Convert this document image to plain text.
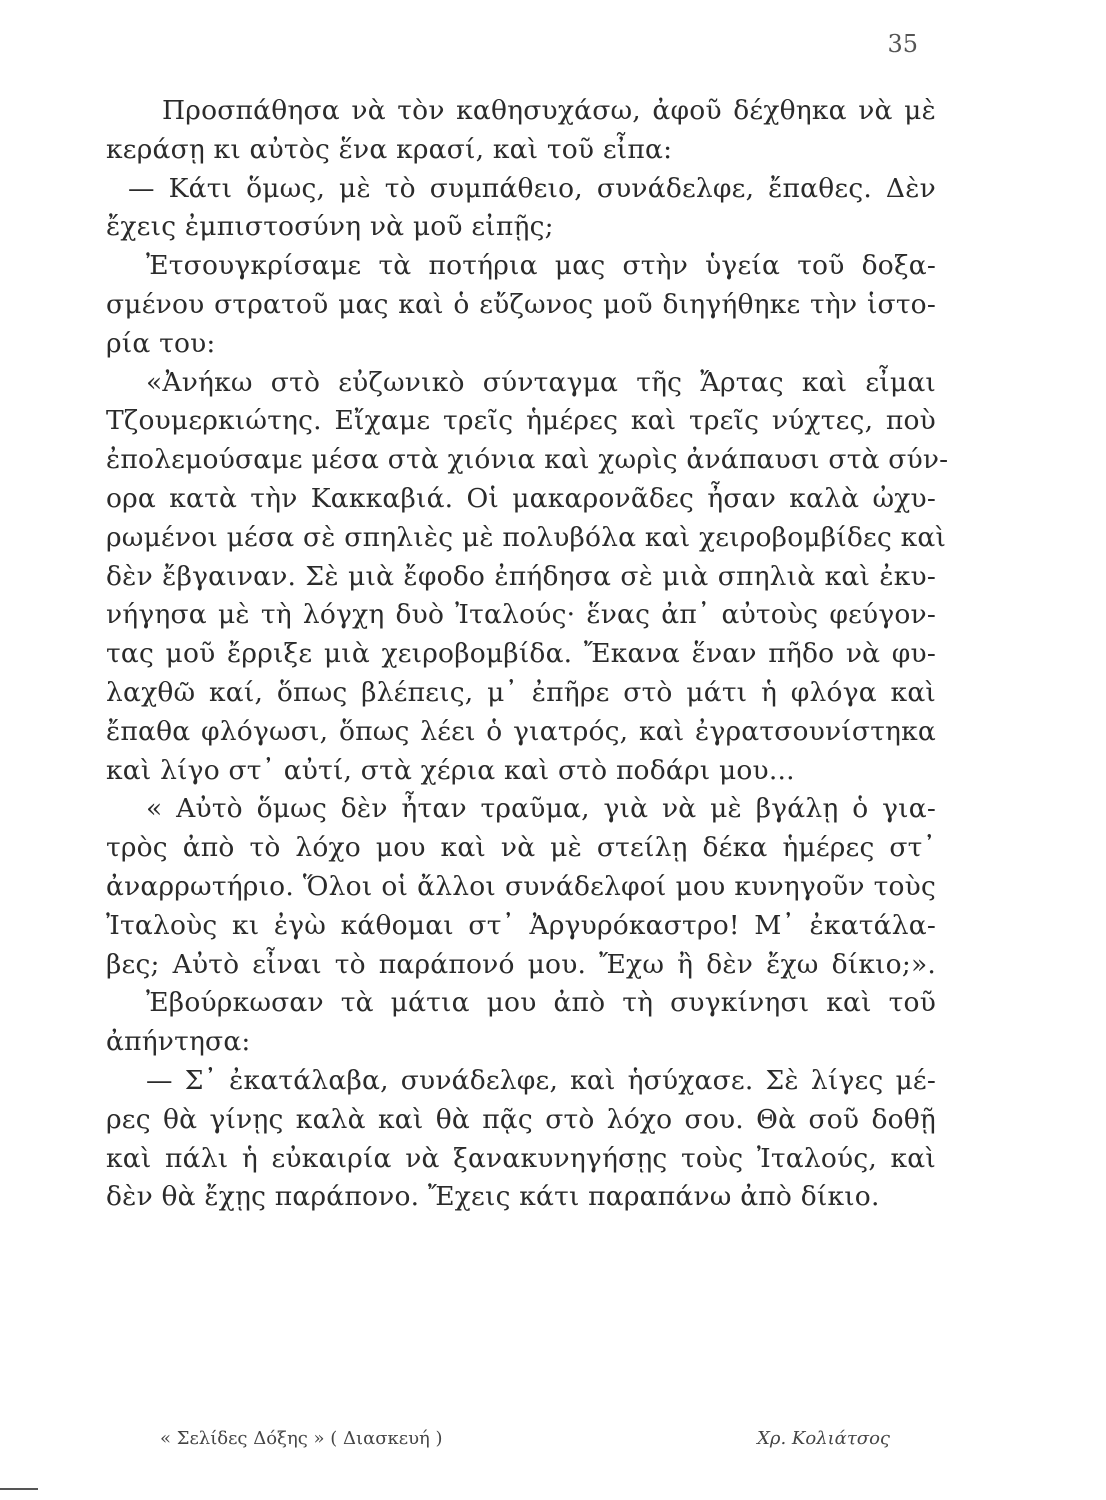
35
Προσπάθησα νὰ τὸν καθησυχάσω, ἀφοῦ δέχθηκα νὰ μὲ
κεράσῃ κι αὐτὸς ἕνα κρασί, καὶ τοῦ εἶπα:
— Κάτι ὅμως, μὲ τὸ συμπάθειο, συνάδελφε, ἔπαθες. Δὲν
ἔχεις ἐμπιστοσύνη νὰ μοῦ εἰπῇς;
Ἐτσουγκρίσαμε τὰ ποτήρια μας στὴν ὑγεία τοῦ δοξα-
σμένου στρατοῦ μας καὶ ὁ εὔζωνος μοῦ διηγήθηκε τὴν ἱστο-
ρία του:
«Ἀνήκω στὸ εὐζωνικὸ σύνταγμα τῆς Ἄρτας καὶ εἶμαι
Τζουμερκιώτης. Εἴχαμε τρεῖς ἡμέρες καὶ τρεῖς νύχτες, ποὺ
ἐπολεμούσαμε μέσα στὰ χιόνια καὶ χωρὶς ἀνάπαυσι στὰ σύν-
ορα κατὰ τὴν Κακκαβιά. Οἱ μακαρονᾶδες ἦσαν καλὰ ὠχυ-
ρωμένοι μέσα σὲ σπηλιὲς μὲ πολυβόλα καὶ χειροβομβίδες καὶ
δὲν ἔβγαιναν. Σὲ μιὰ ἔφοδο ἐπήδησα σὲ μιὰ σπηλιὰ καὶ ἐκυ-
νήγησα μὲ τὴ λόγχη δυὸ Ἰταλούς· ἕνας ἀπ᾿ αὐτοὺς φεύγον-
τας μοῦ ἔρριξε μιὰ χειροβομβίδα. Ἔκανα ἕναν πῆδο νὰ φυ-
λαχθῶ καί, ὅπως βλέπεις, μ᾿ ἐπῆρε στὸ μάτι ἡ φλόγα καὶ
ἔπαθα φλόγωσι, ὅπως λέει ὁ γιατρός, καὶ ἐγρατσουνίστηκα
καὶ λίγο στ᾿ αὐτί, στὰ χέρια καὶ στὸ ποδάρι μου...
« Αὐτὸ ὅμως δὲν ἦταν τραῦμα, γιὰ νὰ μὲ βγάλῃ ὁ για-
τρὸς ἀπὸ τὸ λόχο μου καὶ νὰ μὲ στείλῃ δέκα ἡμέρες στ᾿
ἀναρρωτήριο. Ὅλοι οἱ ἄλλοι συνάδελφοί μου κυνηγοῦν τοὺς
Ἰταλοὺς κι ἐγὼ κάθομαι στ᾿ Ἀργυρόκαστρο! Μ᾿ ἐκατάλα-
βες; Αὐτὸ εἶναι τὸ παράπονό μου. Ἔχω ἢ δὲν ἔχω δίκιο;».
Ἐβούρκωσαν τὰ μάτια μου ἀπὸ τὴ συγκίνησι καὶ τοῦ
ἀπήντησα:
— Σ᾿ ἐκατάλαβα, συνάδελφε, καὶ ἡσύχασε. Σὲ λίγες μέ-
ρες θὰ γίνῃς καλὰ καὶ θὰ πᾷς στὸ λόχο σου. Θὰ σοῦ δοθῇ
καὶ πάλι ἡ εὐκαιρία νὰ ξανακυνηγήσῃς τοὺς Ἰταλούς, καὶ
δὲν θὰ ἔχῃς παράπονο. Ἔχεις κάτι παραπάνω ἀπὸ δίκιο.
« Σελίδες Δόξης » ( Διασκευή )	Χρ. Κολιάτσος
